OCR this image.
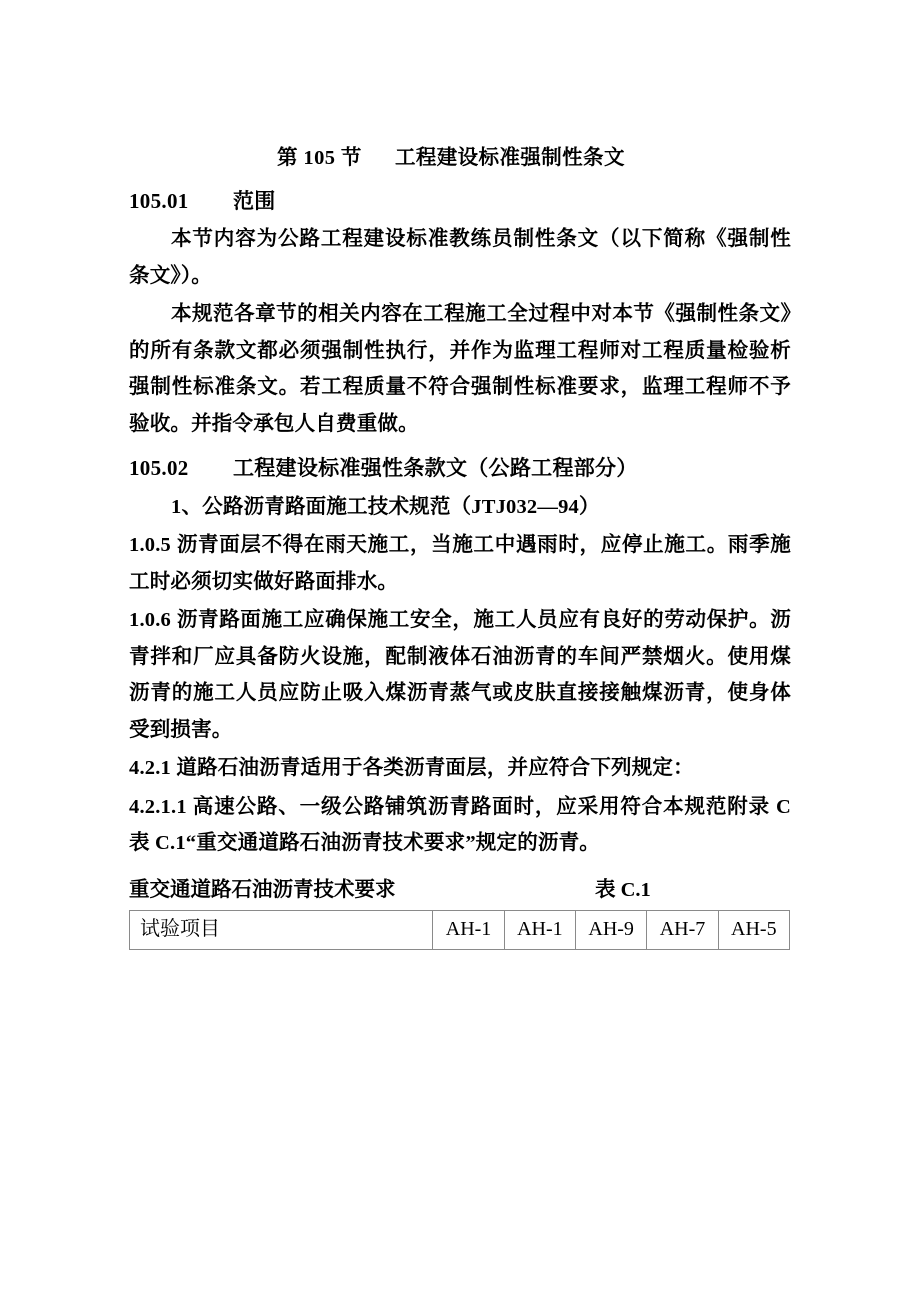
第 105 节      工程建设标准强制性条文
105.01        范围

本节内容为公路工程建设标准教练员制性条文（以下简称《强制性条文》）。

本规范各章节的相关内容在工程施工全过程中对本节《强制性条文》的所有条款文都必须强制性执行，并作为监理工程师对工程质量检验析强制性标准条文。若工程质量不符合强制性标准要求，监理工程师不予验收。并指令承包人自费重做。

105.02        工程建设标准强性条款文（公路工程部分）

1、公路沥青路面施工技术规范（JTJ032—94）

1.0.5 沥青面层不得在雨天施工，当施工中遇雨时，应停止施工。雨季施工时必须切实做好路面排水。

1.0.6 沥青路面施工应确保施工安全，施工人员应有良好的劳动保护。沥青拌和厂应具备防火设施，配制液体石油沥青的车间严禁烟火。使用煤沥青的施工人员应防止吸入煤沥青蒸气或皮肤直接接触煤沥青，使身体受到损害。

4.2.1 道路石油沥青适用于各类沥青面层，并应符合下列规定：

4.2.1.1 高速公路、一级公路铺筑沥青路面时，应采用符合本规范附录 C 表 C.1“重交通道路石油沥青技术要求”规定的沥青。

重交通道路石油沥青技术要求

	表 C.1

试验项目	AH-1	AH-1	AH-9	AH-7	AH-5
